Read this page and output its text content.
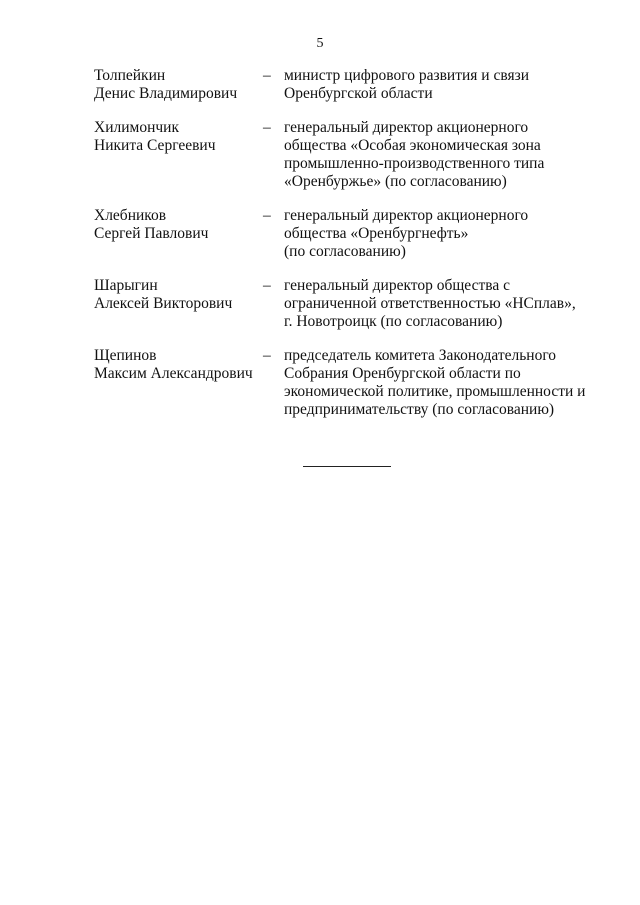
5
Толпейкин
Денис Владимирович
– министр цифрового развития и связи
Оренбургской области
Хилимончик
Никита Сергеевич
– генеральный директор акционерного
общества «Особая экономическая зона
промышленно-производственного типа
«Оренбуржье» (по согласованию)
Хлебников
Сергей Павлович
– генеральный директор акционерного
общества «Оренбургнефть»
(по согласованию)
Шарыгин
Алексей Викторович
– генеральный директор общества с
ограниченной ответственностью «НСплав»,
г. Новотроицк (по согласованию)
Щепинов
Максим Александрович
– председатель комитета Законодательного
Собрания Оренбургской области по
экономической политике, промышленности и
предпринимательству (по согласованию)
